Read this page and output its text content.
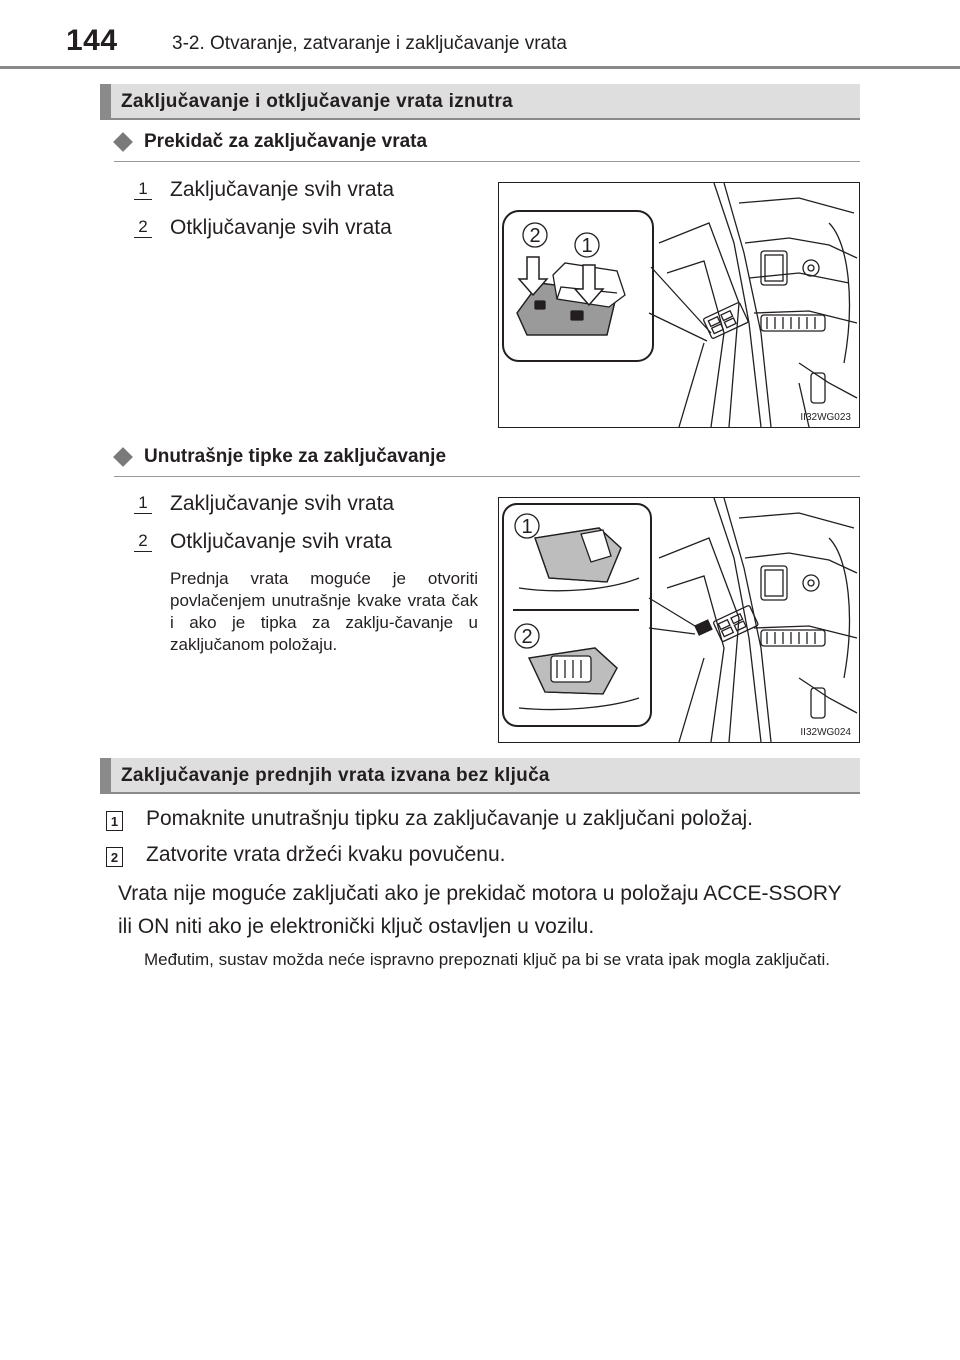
144	3-2. Otvaranje, zatvaranje i zaključavanje vrata
Zaključavanje i otključavanje vrata iznutra
Prekidač za zaključavanje vrata
1 Zaključavanje svih vrata
2 Otključavanje svih vrata	2 1
II32WG023
Unutrašnje tipke za zaključavanje
1 Zaključavanje svih vrata
2 Otključavanje svih vrata
Prednja vrata moguće je otvoriti povlačenjem unutrašnje kvake vrata čak i ako je tipka za zaklju-čavanje u zaključanom položaju.
1
2
II32WG024
Zaključavanje prednjih vrata izvana bez ključa
1 Pomaknite unutrašnju tipku za zaključavanje u zaključani položaj.
2 Zatvorite vrata držeći kvaku povučenu.
Vrata nije moguće zaključati ako je prekidač motora u položaju ACCE-SSORY ili ON niti ako je elektronički ključ ostavljen u vozilu.
Međutim, sustav možda neće ispravno prepoznati ključ pa bi se vrata ipak mogla zaključati.
